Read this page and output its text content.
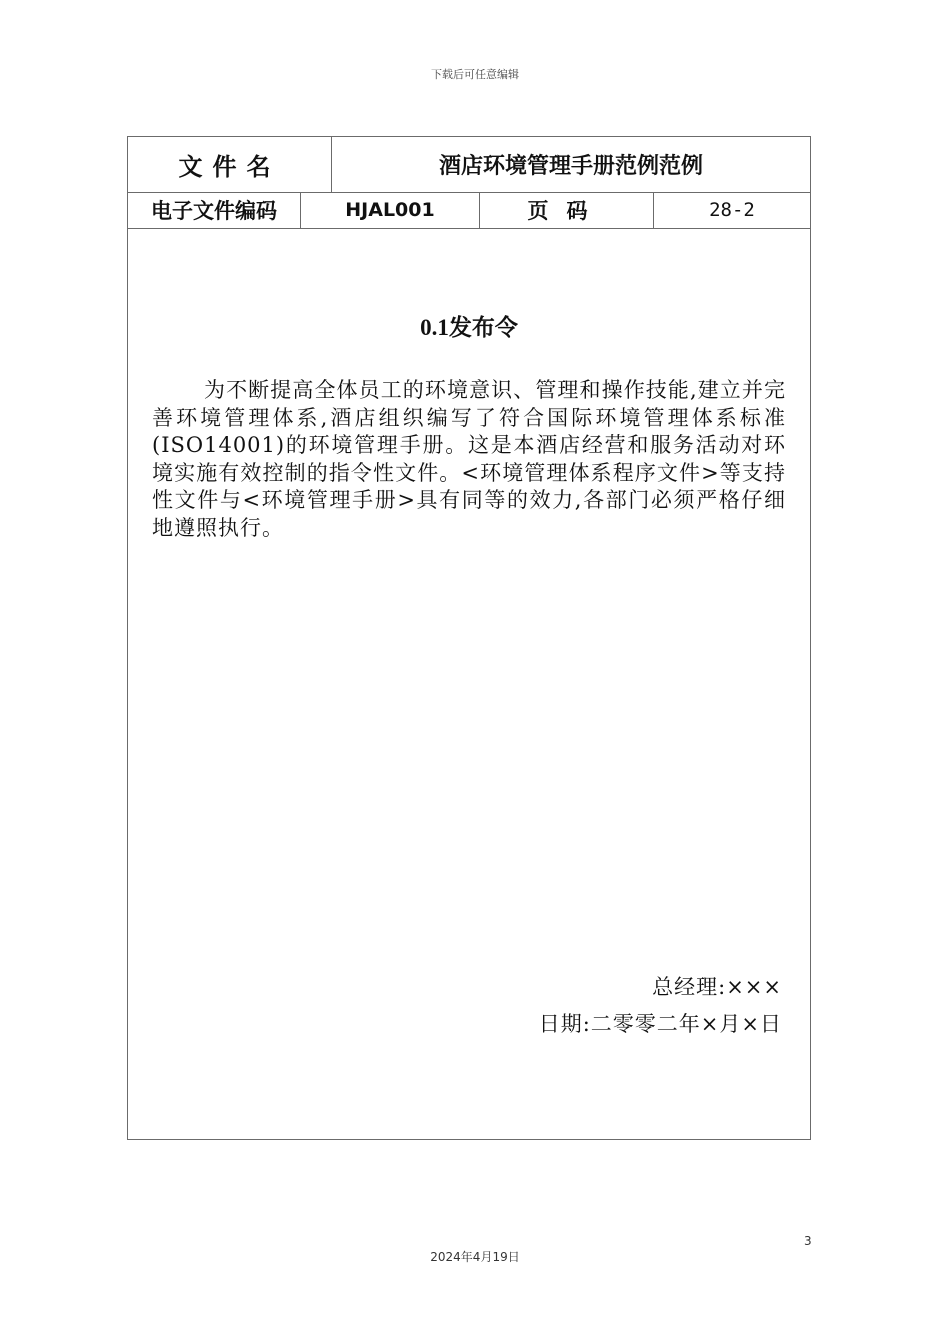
下载后可任意编辑
文件名	酒店环境管理手册范例范例
电子文件编码	HJAL001	页码	28-2
0.1发布令

为不断提高全体员工的环境意识、管理和操作技能,建立并完善环境管理体系,酒店组织编写了符合国际环境管理体系标准(ISO14001)的环境管理手册。这是本酒店经营和服务活动对环境实施有效控制的指令性文件。<环境管理体系程序文件>等支持性文件与<环境管理手册>具有同等的效力,各部门必须严格仔细地遵照执行。

总经理:×××
日期:二零零二年×月×日
3
2024年4月19日
